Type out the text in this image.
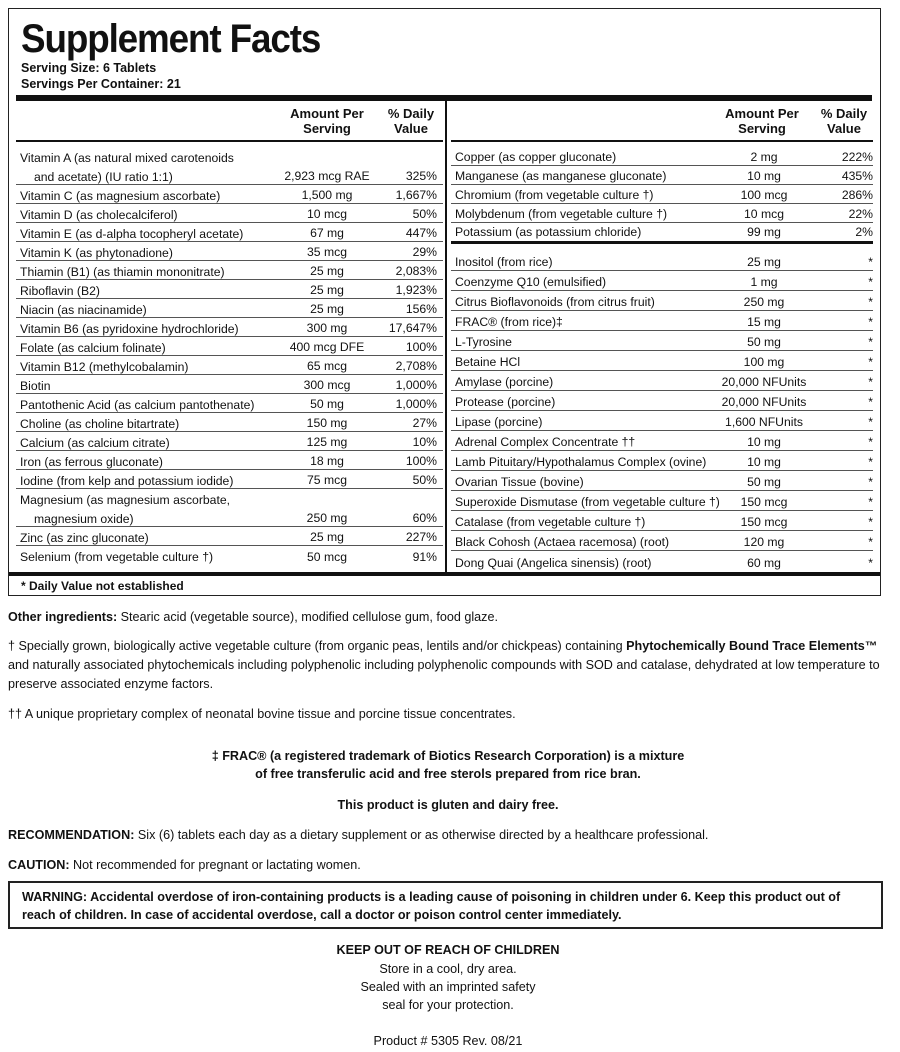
Supplement Facts
Serving Size: 6 Tablets
Servings Per Container: 21
Amount Per
Serving
% Daily
Value
Amount Per
Serving
% Daily
Value
Vitamin A (as natural mixed carotenoids
and acetate) (IU ratio 1:1)	2,923 mcg RAE	325%
Vitamin C (as magnesium ascorbate)	1,500 mg	1,667%
Vitamin D (as cholecalciferol)	10 mcg	50%
Vitamin E (as d-alpha tocopheryl acetate)	67 mg	447%
Vitamin K (as phytonadione)	35 mcg	29%
Thiamin (B1) (as thiamin mononitrate)	25 mg	2,083%
Riboflavin (B2)	25 mg	1,923%
Niacin (as niacinamide)	25 mg	156%
Vitamin B6 (as pyridoxine hydrochloride)	300 mg	17,647%
Folate (as calcium folinate)	400 mcg DFE	100%
Vitamin B12 (methylcobalamin)	65 mcg	2,708%
Biotin	300 mcg	1,000%
Pantothenic Acid (as calcium pantothenate)	50 mg	1,000%
Choline (as choline bitartrate)	150 mg	27%
Calcium (as calcium citrate)	125 mg	10%
Iron (as ferrous gluconate)	18 mg	100%
Iodine (from kelp and potassium iodide)	75 mcg	50%
Magnesium (as magnesium ascorbate,
magnesium oxide)	250 mg	60%
Zinc (as zinc gluconate)	25 mg	227%
Selenium (from vegetable culture †)	50 mcg	91%
Copper (as copper gluconate)	2 mg	222%
Manganese (as manganese gluconate)	10 mg	435%
Chromium (from vegetable culture †)	100 mcg	286%
Molybdenum (from vegetable culture †)	10 mcg	22%
Potassium (as potassium chloride)	99 mg	2%
Inositol (from rice)	25 mg	*
Coenzyme Q10 (emulsified)	1 mg	*
Citrus Bioflavonoids (from citrus fruit)	250 mg	*
FRAC® (from rice)‡	15 mg	*
L-Tyrosine	50 mg	*
Betaine HCl	100 mg	*
Amylase (porcine)	20,000 NFUnits	*
Protease (porcine)	20,000 NFUnits	*
Lipase (porcine)	1,600 NFUnits	*
Adrenal Complex Concentrate ††	10 mg	*
Lamb Pituitary/Hypothalamus Complex (ovine)	10 mg	*
Ovarian Tissue (bovine)	50 mg	*
Superoxide Dismutase (from vegetable culture †)	150 mcg	*
Catalase (from vegetable culture †)	150 mcg	*
Black Cohosh (Actaea racemosa) (root)	120 mg	*
Dong Quai (Angelica sinensis) (root)	60 mg	*
* Daily Value not established
Other ingredients: Stearic acid (vegetable source), modified cellulose gum, food glaze.
† Specially grown, biologically active vegetable culture (from organic peas, lentils and/or chickpeas) containing Phytochemically Bound Trace Elements™ and naturally associated phytochemicals including polyphenolic including polyphenolic compounds with SOD and catalase, dehydrated at low temperature to preserve associated enzyme factors.
†† A unique proprietary complex of neonatal bovine tissue and porcine tissue concentrates.
‡ FRAC® (a registered trademark of Biotics Research Corporation) is a mixture
of free transferulic acid and free sterols prepared from rice bran.
This product is gluten and dairy free.
RECOMMENDATION: Six (6) tablets each day as a dietary supplement or as otherwise directed by a healthcare professional.
CAUTION: Not recommended for pregnant or lactating women.
WARNING: Accidental overdose of iron-containing products is a leading cause of poisoning in children under 6. Keep this product out of reach of children. In case of accidental overdose, call a doctor or poison control center immediately.
KEEP OUT OF REACH OF CHILDREN
Store in a cool, dry area.
Sealed with an imprinted safety
seal for your protection.
Product # 5305 Rev. 08/21
